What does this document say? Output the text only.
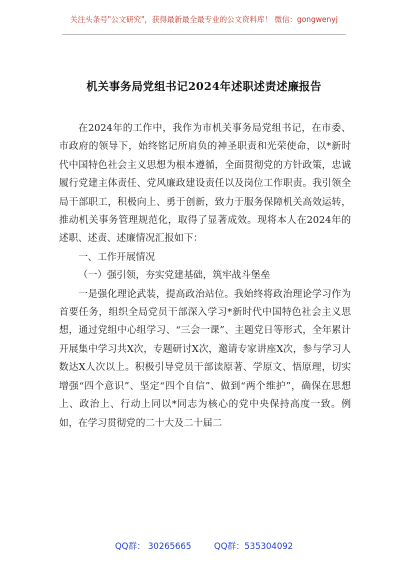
关注头条号"公文研究"，获得最新最全最专业的公文资料库！ 微信：gongwenyj
机关事务局党组书记2024年述职述责述廉报告

在2024年的工作中，我作为市机关事务局党组书记，在市委、市政府的领导下，始终铭记所肩负的神圣职责和光荣使命，以*新时代中国特色社会主义思想为根本遵循，全面贯彻党的方针政策，忠诚履行党建主体责任、党风廉政建设责任以及岗位工作职责。我引领全局干部职工，积极向上、勇于创新，致力于服务保障机关高效运转，推动机关事务管理规范化，取得了显著成效。现将本人在2024年的述职、述责、述廉情况汇报如下：

一、工作开展情况

（一）强引领，夯实党建基础，筑牢战斗堡垒

一是强化理论武装，提高政治站位。我始终将政治理论学习作为首要任务，组织全局党员干部深入学习*新时代中国特色社会主义思想，通过党组中心组学习、“三会一课”、主题党日等形式，全年累计开展集中学习共X次，专题研讨X次，邀请专家讲座X次，参与学习人数达X人次以上。积极引导党员干部读原著、学原文、悟原理，切实增强“四个意识”、坚定“四个自信”、做到“两个维护”，确保在思想上、政治上、行动上同以*同志为核心的党中央保持高度一致。例如，在学习贯彻党的二十大及二十届二

QQ群： 30265665	QQ群：535304092
